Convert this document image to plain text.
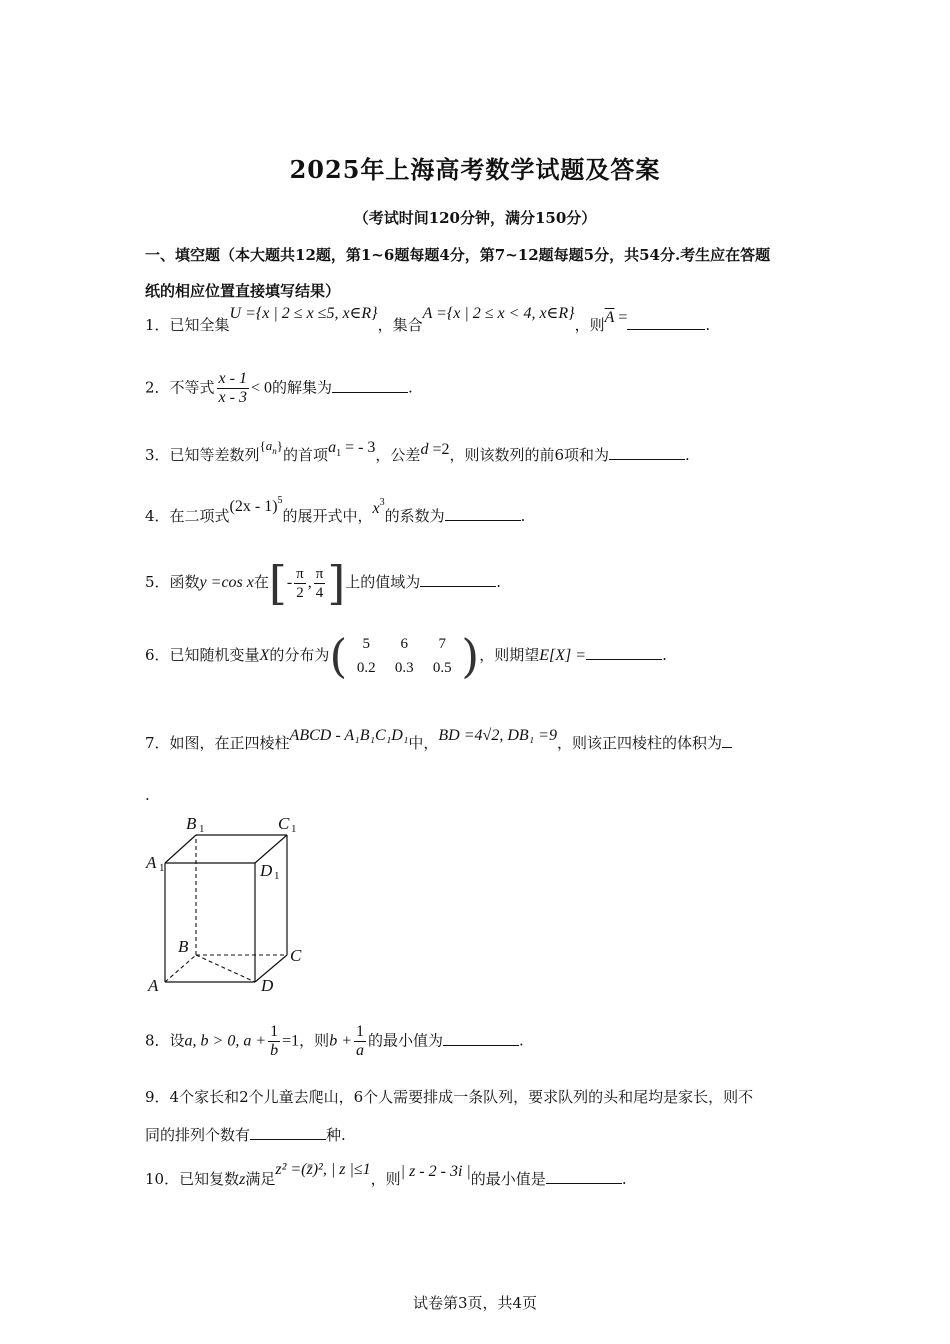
2025年上海高考数学试题及答案
（考试时间120分钟，满分150分）
一、填空题（本大题共12题，第1~6题每题4分，第7~12题每题5分，共54分.考生应在答题
纸的相应位置直接填写结果）
1．已知全集U ={x | 2 ≤ x ≤5, x∈R}，集合A ={x | 2 ≤ x < 4, x∈R}，则$\overline{A}$ =	.
2．不等式 $\frac{x - 1}{x - 3} < 0$的解集为	.
3．已知等差数列$\{a_n\}$的首项$a_1$ = - 3，公差d =2，则该数列的前6项和为	.
4．在二项式(2x - 1)$^5$的展开式中，$x^3$的系数为	.
5．函数y =cos x在[- $\frac{\pi}{2}$ , $\frac{\pi}{4}$ ]上的值域为	.
6．已知随机变量X的分布为(	5 6 7
0.2 0.3 0.5 )，则期望E[X] =	.
7．如图，在正四棱柱ABCD - A₁B₁C₁D₁中，BD =4√2, DB₁ =9，则该正四棱柱的体积为
.
A
B	C
D
A
B	C
D
1
1	1
1
8．设a, b > 0, $a + \frac{1}{b} =1$，则$b + \frac{1}{a}$ 的最小值为	.
9．4个家长和2个儿童去爬山，6个人需要排成一条队列，要求队列的头和尾均是家长，则不
同的排列个数有	种.
10．已知复数z满足z² =(z̄)², | z |≤1，则| z - 2 - 3i |的最小值是	.
试卷第3页，共4页
